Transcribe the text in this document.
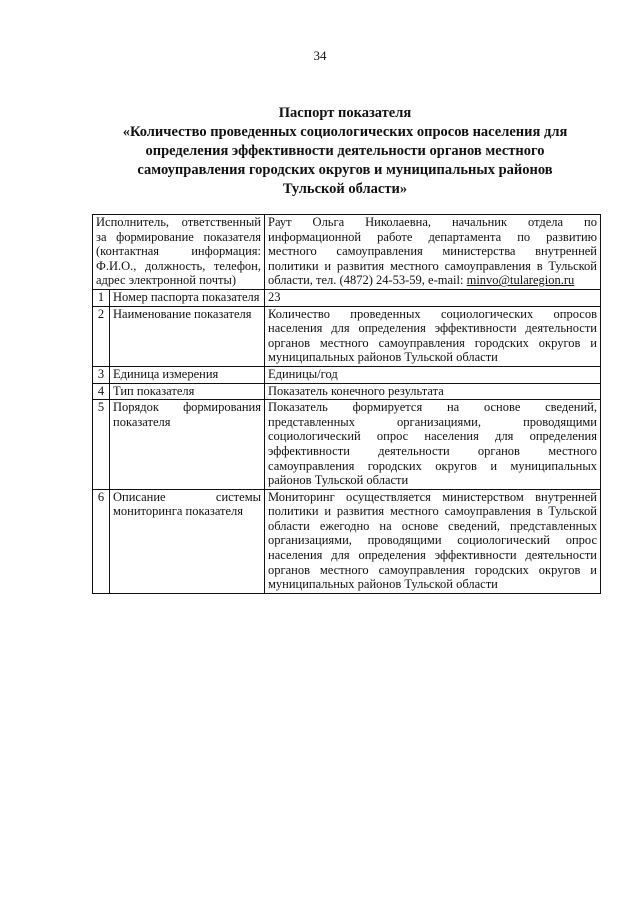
34
Паспорт показателя
«Количество проведенных социологических опросов населения для
определения эффективности деятельности органов местного
самоуправления городских округов и муниципальных районов
Тульской области»
Исполнитель, ответственный за формирование показателя (контактная информация: Ф.И.О., должность, телефон, адрес электронной почты)		Раут Ольга Николаевна, начальник отдела по информационной работе департамента по развитию местного самоуправления министерства внутренней политики и развития местного самоуправления в Тульской области, тел. (4872) 24-53-59, e-mail: minvo@tularegion.ru
1	Номер паспорта показателя	23
2	Наименование показателя	Количество проведенных социологических опросов населения для определения эффективности деятельности органов местного самоуправления городских округов и муниципальных районов Тульской области
3	Единица измерения	Единицы/год
4	Тип показателя	Показатель конечного результата
5	Порядок формирования показателя	Показатель формируется на основе сведений, представленных организациями, проводящими социологический опрос населения для определения эффективности деятельности органов местного самоуправления городских округов и муниципальных районов Тульской области
6	Описание системы мониторинга показателя	Мониторинг осуществляется министерством внутренней политики и развития местного самоуправления в Тульской области ежегодно на основе сведений, представленных организациями, проводящими социологический опрос населения для определения эффективности деятельности органов местного самоуправления городских округов и муниципальных районов Тульской области
